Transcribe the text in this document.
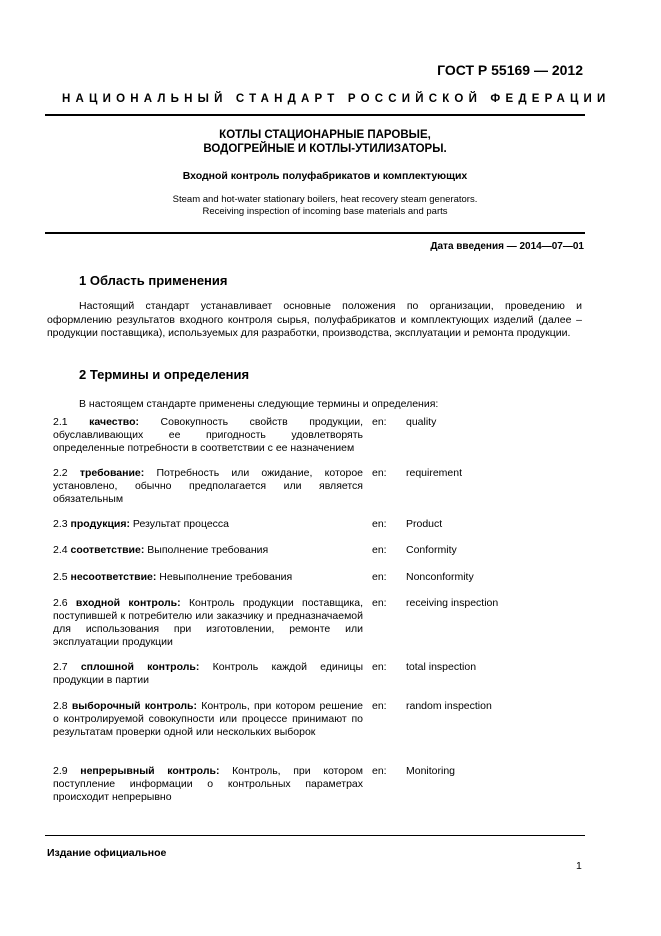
ГОСТ Р 55169 — 2012
НАЦИОНАЛЬНЫЙ СТАНДАРТ РОССИЙСКОЙ ФЕДЕРАЦИИ
КОТЛЫ СТАЦИОНАРНЫЕ ПАРОВЫЕ,
ВОДОГРЕЙНЫЕ И КОТЛЫ-УТИЛИЗАТОРЫ.
Входной контроль полуфабрикатов и комплектующих
Steam and hot-water stationary boilers, heat recovery steam generators.
Receiving inspection of incoming base materials and parts
Дата введения — 2014—07—01
1 Область применения
Настоящий стандарт устанавливает основные положения по организации, проведению и оформлению результатов входного контроля сырья, полуфабрикатов и комплектующих изделий (далее – продукции поставщика), используемых для разработки, производства, эксплуатации и ремонта продукции.
2 Термины и определения
В настоящем стандарте применены следующие термины и определения:
2.1 качество: Совокупность свойств продукции, обуславливающих ее пригодность удовлетворять определенные потребности в соответствии с ее назначением
en: quality
2.2 требование: Потребность или ожидание, которое установлено, обычно предполагается или является обязательным
en: requirement
2.3 продукция: Результат процесса	en: Product
2.4 соответствие: Выполнение требования	en: Conformity
2.5 несоответствие: Невыполнение требования	en: Nonconformity
2.6 входной контроль: Контроль продукции поставщика, поступившей к потребителю или заказчику и предназначаемой для использования при изготовлении, ремонте или эксплуатации продукции
en: receiving inspection
2.7 сплошной контроль: Контроль каждой единицы продукции в партии
en: total inspection
2.8 выборочный контроль: Контроль, при котором решение о контролируемой совокупности или процессе принимают по результатам проверки одной или нескольких выборок
en: random inspection
2.9 непрерывный контроль: Контроль, при котором поступление информации о контрольных параметрах происходит непрерывно
en: Monitoring
Издание официальное
1
